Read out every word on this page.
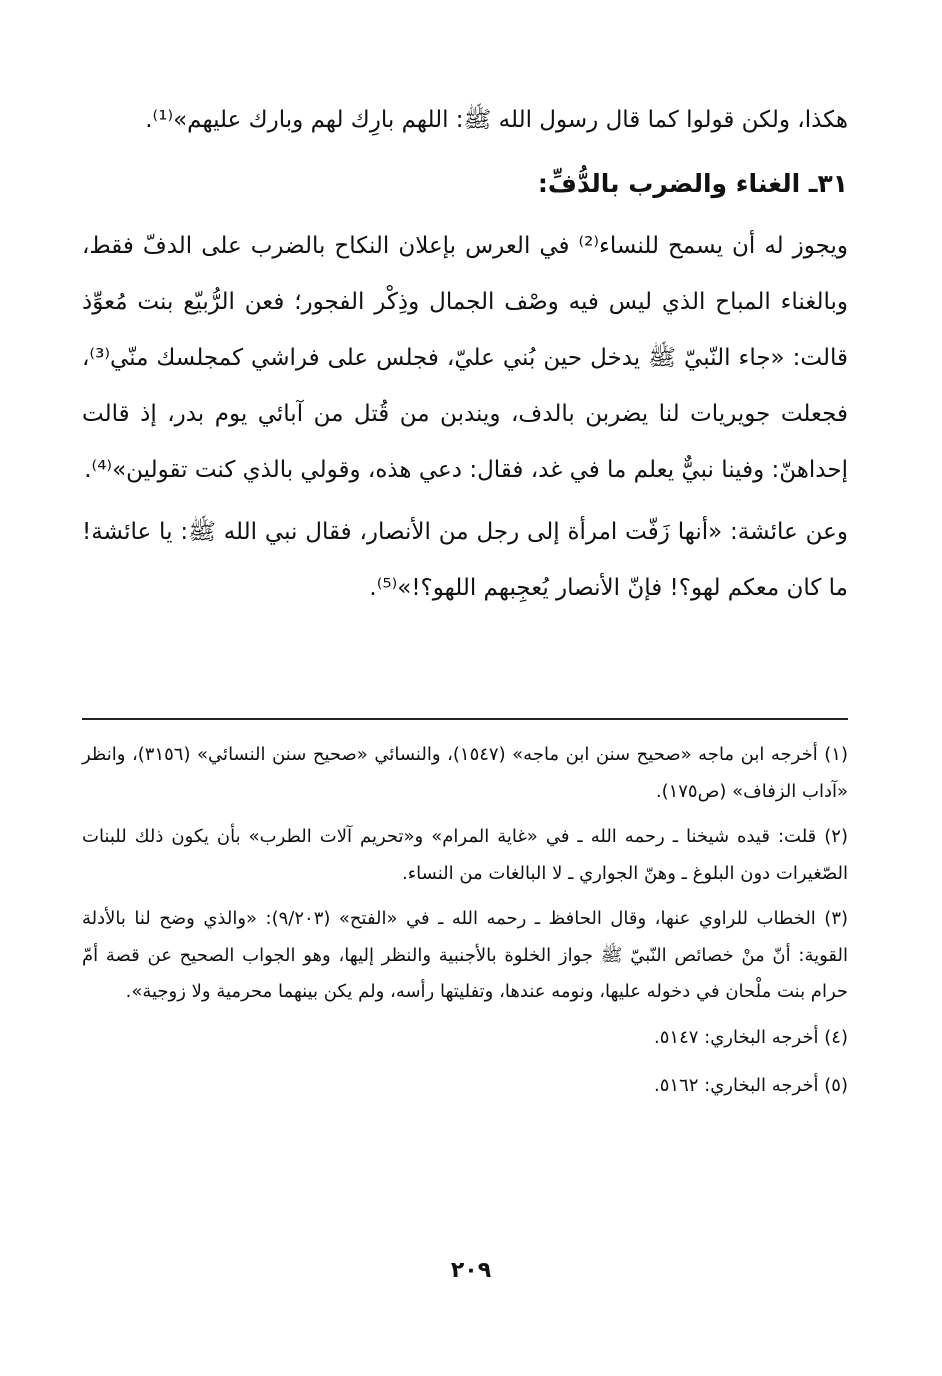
هكذا، ولكن قولوا كما قال رسول الله ﷺ: اللهم بارِك لهم وبارك عليهم»⁽¹⁾.

٣١ـ الغناء والضرب بالدُّفِّ:

ويجوز له أن يسمح للنساء⁽²⁾ في العرس بإعلان النكاح بالضرب على الدفّ فقط، وبالغناء المباح الذي ليس فيه وصْف الجمال وذِكْر الفجور؛ فعن الرُّبيّع بنت مُعوِّذ قالت: «جاء النّبيّ ﷺ يدخل حين بُني عليّ، فجلس على فراشي كمجلسك منّي⁽³⁾، فجعلت جويريات لنا يضربن بالدف، ويندبن من قُتل من آبائي يوم بدر، إذ قالت إحداهنّ: وفينا نبيٌّ يعلم ما في غد، فقال: دعي هذه، وقولي بالذي كنت تقولين»⁽⁴⁾.

وعن عائشة: «أنها زَفّت امرأة إلى رجل من الأنصار، فقال نبي الله ﷺ: يا عائشة! ما كان معكم لهو؟! فإنّ الأنصار يُعجِبهم اللهو؟!»⁽⁵⁾.

(١) أخرجه ابن ماجه «صحيح سنن ابن ماجه» (١٥٤٧)، والنسائي «صحيح سنن النسائي» (٣١٥٦)، وانظر «آداب الزفاف» (ص١٧٥).

(٢) قلت: قيده شيخنا ـ رحمه الله ـ في «غاية المرام» و«تحريم آلات الطرب» بأن يكون ذلك للبنات الصّغيرات دون البلوغ ـ وهنّ الجواري ـ لا البالغات من النساء.

(٣) الخطاب للراوي عنها، وقال الحافظ ـ رحمه الله ـ في «الفتح» (٩/٢٠٣): «والذي وضح لنا بالأدلة القوية: أنّ منْ خصائص النّبيّ ﷺ جواز الخلوة بالأجنبية والنظر إليها، وهو الجواب الصحيح عن قصة أمّ حرام بنت ملْحان في دخوله عليها، ونومه عندها، وتفليتها رأسه، ولم يكن بينهما محرمية ولا زوجية».

(٤) أخرجه البخاري: ٥١٤٧.

(٥) أخرجه البخاري: ٥١٦٢.

٢٠٩
